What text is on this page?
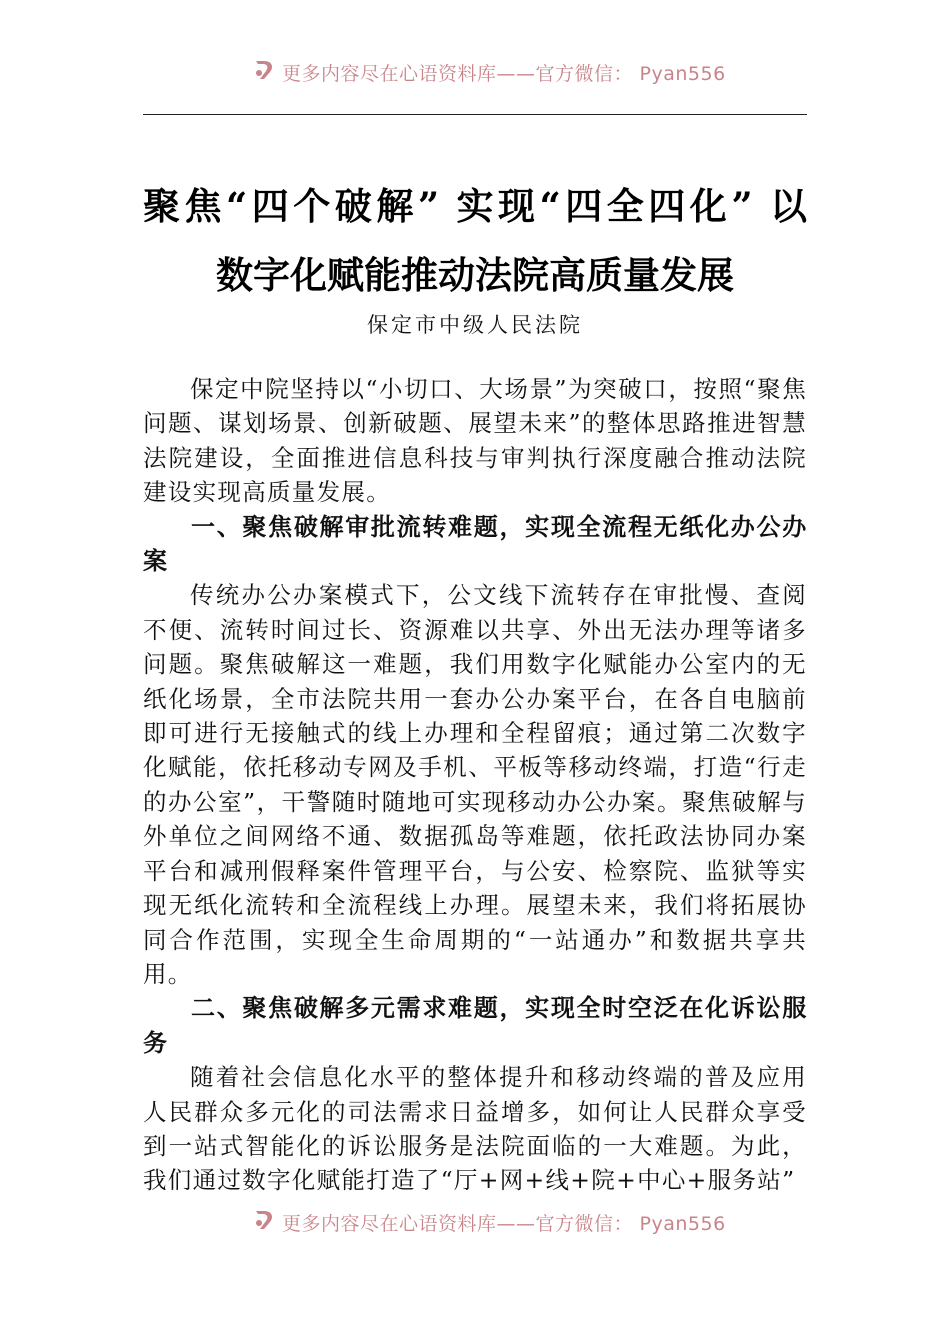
更多内容尽在心语资料库——官方微信： Pyan556
聚焦“四个破解” 实现“四全四化” 以
数字化赋能推动法院高质量发展
保定市中级人民法院

保定中院坚持以“小切口、大场景”为突破口，按照“聚焦问题、谋划场景、创新破题、展望未来”的整体思路推进智慧法院建设，全面推进信息科技与审判执行深度融合推动法院建设实现高质量发展。

一、聚焦破解审批流转难题，实现全流程无纸化办公办案

传统办公办案模式下，公文线下流转存在审批慢、查阅不便、流转时间过长、资源难以共享、外出无法办理等诸多问题。聚焦破解这一难题，我们用数字化赋能办公室内的无纸化场景，全市法院共用一套办公办案平台，在各自电脑前即可进行无接触式的线上办理和全程留痕；通过第二次数字化赋能，依托移动专网及手机、平板等移动终端，打造“行走的办公室”，干警随时随地可实现移动办公办案。聚焦破解与外单位之间网络不通、数据孤岛等难题，依托政法协同办案平台和减刑假释案件管理平台，与公安、检察院、监狱等实现无纸化流转和全流程线上办理。展望未来，我们将拓展协同合作范围，实现全生命周期的“一站通办”和数据共享共用。

二、聚焦破解多元需求难题，实现全时空泛在化诉讼服务

随着社会信息化水平的整体提升和移动终端的普及应用人民群众多元化的司法需求日益增多，如何让人民群众享受到一站式智能化的诉讼服务是法院面临的一大难题。为此，我们通过数字化赋能打造了“厅+网+线+院+中心+服务站”

更多内容尽在心语资料库——官方微信： Pyan556
